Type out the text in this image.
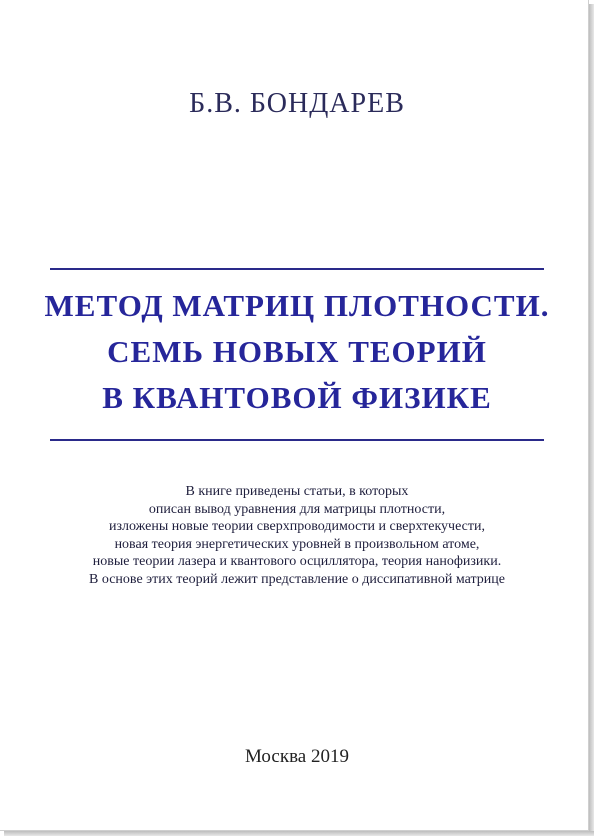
Б.В. БОНДАРЕВ
МЕТОД МАТРИЦ ПЛОТНОСТИ.
СЕМЬ НОВЫХ ТЕОРИЙ
В КВАНТОВОЙ ФИЗИКЕ
В книге приведены статьи, в которых
описан вывод уравнения для матрицы плотности,
изложены новые теории сверхпроводимости и сверхтекучести,
новая теория энергетических уровней в произвольном атоме,
новые теории лазера и квантового осциллятора, теория нанофизики.
В основе этих теорий лежит представление о диссипативной матрице
Москва 2019
